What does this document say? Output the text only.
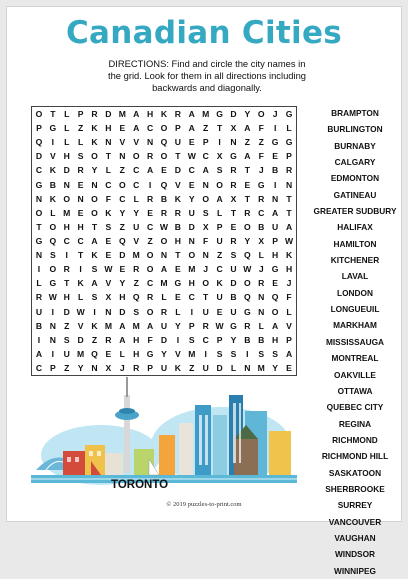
Canadian Cities
DIRECTIONS: Find and circle the city names in
the grid. Look for them in all directions including
backwards and diagonally.
O T	L P R D M A H K R A M G D Y O J G
P G L	Z K H E A C O P A Z	T X A F	I	L
Q	I	L	L K N V V N Q U E P	I	N Z	Z G G
D V H S O T N O R O T W C X G A F E P
C K D R Y L	Z C A E D C A S R T	J B R
G B N E N C O C	I	Q V E N O R E G	I	N
N K O N O F C L R B K Y O A X T R N T
O L M E O K Y Y E R R U S L	T R C A T
T O H H T S Z U C W B D X P E O B U A
G Q C C A E Q V Z O H N F U R Y X P W
N S	I	T K E D M O N T O N Z S Q L H K
I	O R	I	S W E R O A E M J C U W J G H
L G T K A V Y Z C M G H O K D O R E	J
R W H L S X H Q R L E C T U B Q N Q F
U	I	D W	I	N D S O R L	I	U E U G N O L
B N Z V K M A M A U Y P R W G R L A V
I	N S D Z R A H F D	I	S C P Y B B H P
A	I	U M Q E L H G Y V M	I	S S	I	S S A
C P Z Y N X	J R P U K Z U D L N M Y E
BRAMPTON
BURLINGTON
BURNABY
CALGARY
EDMONTON
GATINEAU
GREATER SUDBURY
HALIFAX
HAMILTON
KITCHENER
LAVAL
LONDON
LONGUEUIL
MARKHAM
MISSISSAUGA
MONTREAL
OAKVILLE
OTTAWA
QUEBEC CITY
REGINA
RICHMOND
RICHMOND HILL
SASKATOON
SHERBROOKE
SURREY
VANCOUVER
VAUGHAN
WINDSOR
WINNIPEG
TORONTO
© 2019 puzzles-to-print.com
